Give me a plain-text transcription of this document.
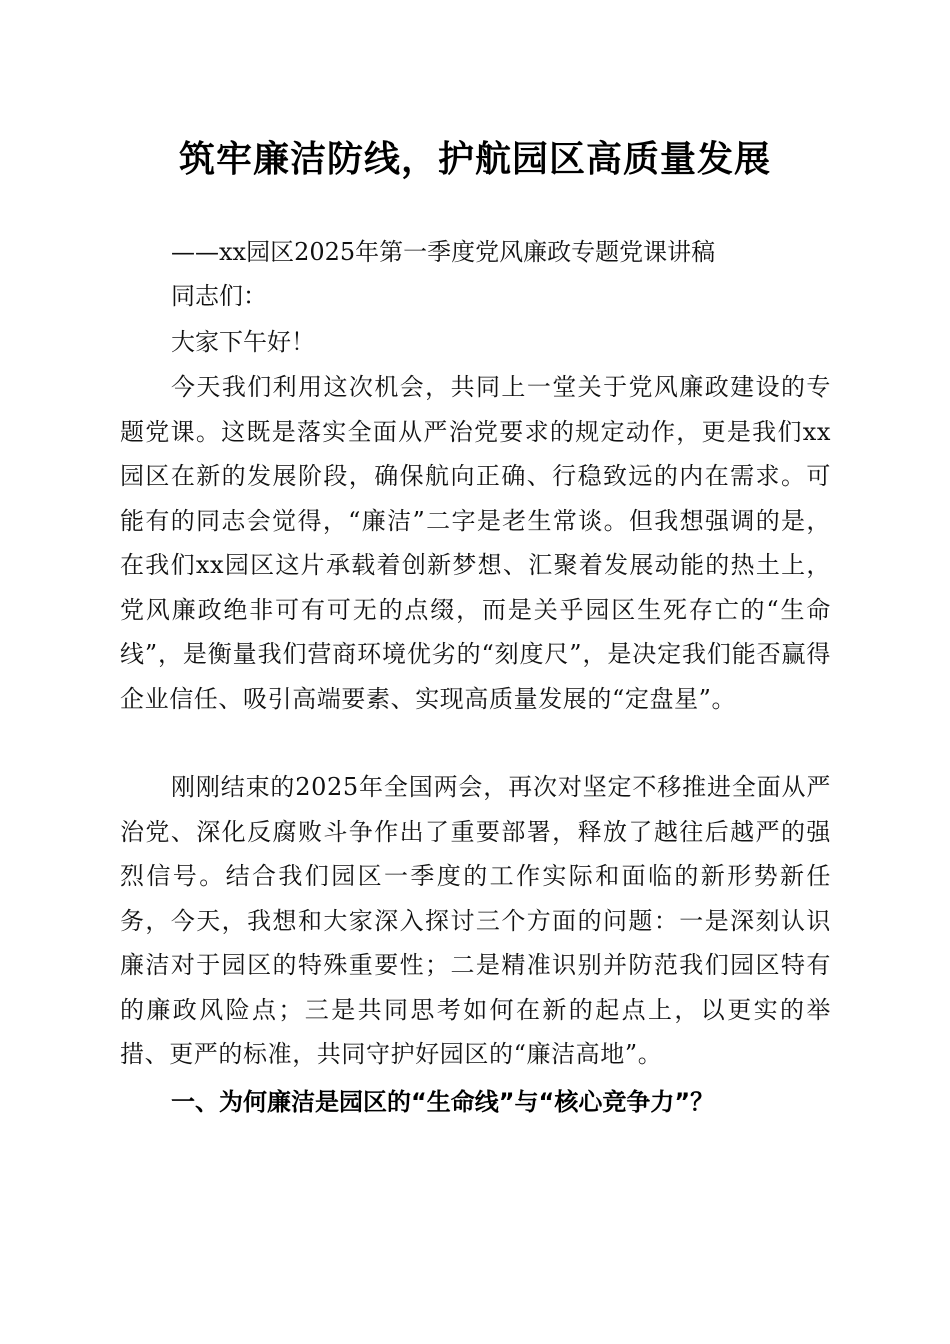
筑牢廉洁防线，护航园区高质量发展
——xx园区2025年第一季度党风廉政专题党课讲稿
同志们：
大家下午好！
今天我们利用这次机会，共同上一堂关于党风廉政建设的专题党课。这既是落实全面从严治党要求的规定动作，更是我们xx园区在新的发展阶段，确保航向正确、行稳致远的内在需求。可能有的同志会觉得，“廉洁”二字是老生常谈。但我想强调的是，在我们xx园区这片承载着创新梦想、汇聚着发展动能的热土上，党风廉政绝非可有可无的点缀，而是关乎园区生死存亡的“生命线”，是衡量我们营商环境优劣的“刻度尺”，是决定我们能否赢得企业信任、吸引高端要素、实现高质量发展的“定盘星”。
刚刚结束的2025年全国两会，再次对坚定不移推进全面从严治党、深化反腐败斗争作出了重要部署，释放了越往后越严的强烈信号。结合我们园区一季度的工作实际和面临的新形势新任务，今天，我想和大家深入探讨三个方面的问题：一是深刻认识廉洁对于园区的特殊重要性；二是精准识别并防范我们园区特有的廉政风险点；三是共同思考如何在新的起点上，以更实的举措、更严的标准，共同守护好园区的“廉洁高地”。
一、为何廉洁是园区的“生命线”与“核心竞争力”？
